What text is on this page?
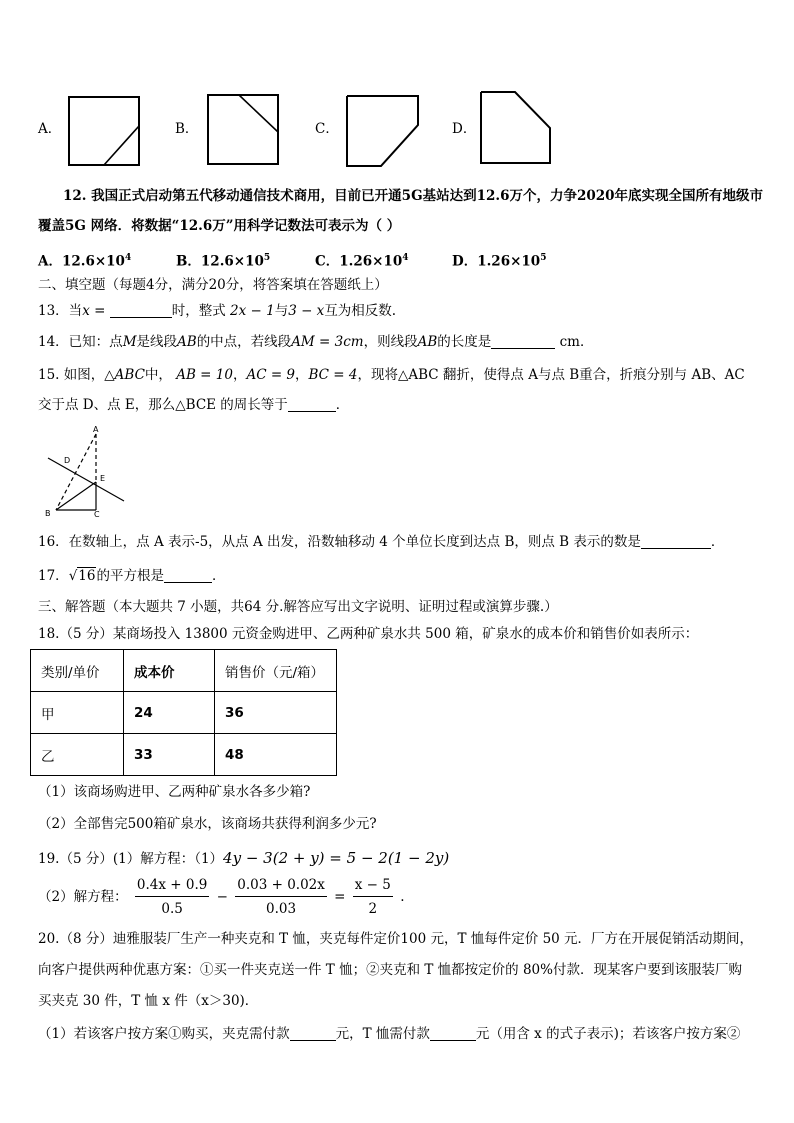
A．	B．	C．	D．
12. 我国正式启动第五代移动通信技术商用，目前已开通5G基站达到12.6万个，力争2020年底实现全国所有地级市
覆盖5G 网络．将数据“12.6万”用科学记数法可表示为（ ）
A．$12.6\times 10^4$	B．$12.6\times 10^5$	C．$1.26\times 10^4$	D．$1.26\times 10^5$
二、填空题（每题4分，满分20分，将答案填在答题纸上）
13．当x =	时，整式 2x − 1与3 − x互为相反数.
14．已知：点M是线段AB的中点，若线段AM = 3cm，则线段AB的长度是	cm．
15. 如图，△ABC中， AB = 10，AC = 9，BC = 4，现将△ABC 翻折，使得点 A与点 B重合，折痕分别与 AB、AC
交于点 D、点 E，那么△BCE 的周长等于	．
A
D
E
B	C
16．在数轴上，点 A 表示-5，从点 A 出发，沿数轴移动 4 个单位长度到达点 B，则点 B 表示的数是	．
17．√16的平方根是	．
三、解答题（本大题共 7 小题，共64 分.解答应写出文字说明、证明过程或演算步骤.）
18.（5 分）某商场投入 13800 元资金购进甲、乙两种矿泉水共 500 箱，矿泉水的成本价和销售价如表所示：
类别/单价	成本价	销售价（元/箱）
甲	24	36
乙	33	48
（1）该商场购进甲、乙两种矿泉水各多少箱?
（2）全部售完500箱矿泉水，该商场共获得利润多少元?
19.（5 分）(1）解方程：（1）4y − 3(2 + y) = 5 − 2(1 − 2y)
（2）解方程： $\frac{0.4x + 0.9}{0.5} - \frac{0.03 + 0.02x}{0.03} = \frac{x - 5}{2}$ .
20.（8 分）迪雅服装厂生产一种夹克和 T 恤，夹克每件定价100 元，T 恤每件定价 50 元．厂方在开展促销活动期间，
向客户提供两种优惠方案：①买一件夹克送一件 T 恤；②夹克和 T 恤都按定价的 80%付款．现某客户要到该服装厂购
买夹克 30 件，T 恤 x 件（x＞30)．
（1）若该客户按方案①购买，夹克需付款	元，T 恤需付款	元（用含 x 的式子表示)；若该客户按方案②
